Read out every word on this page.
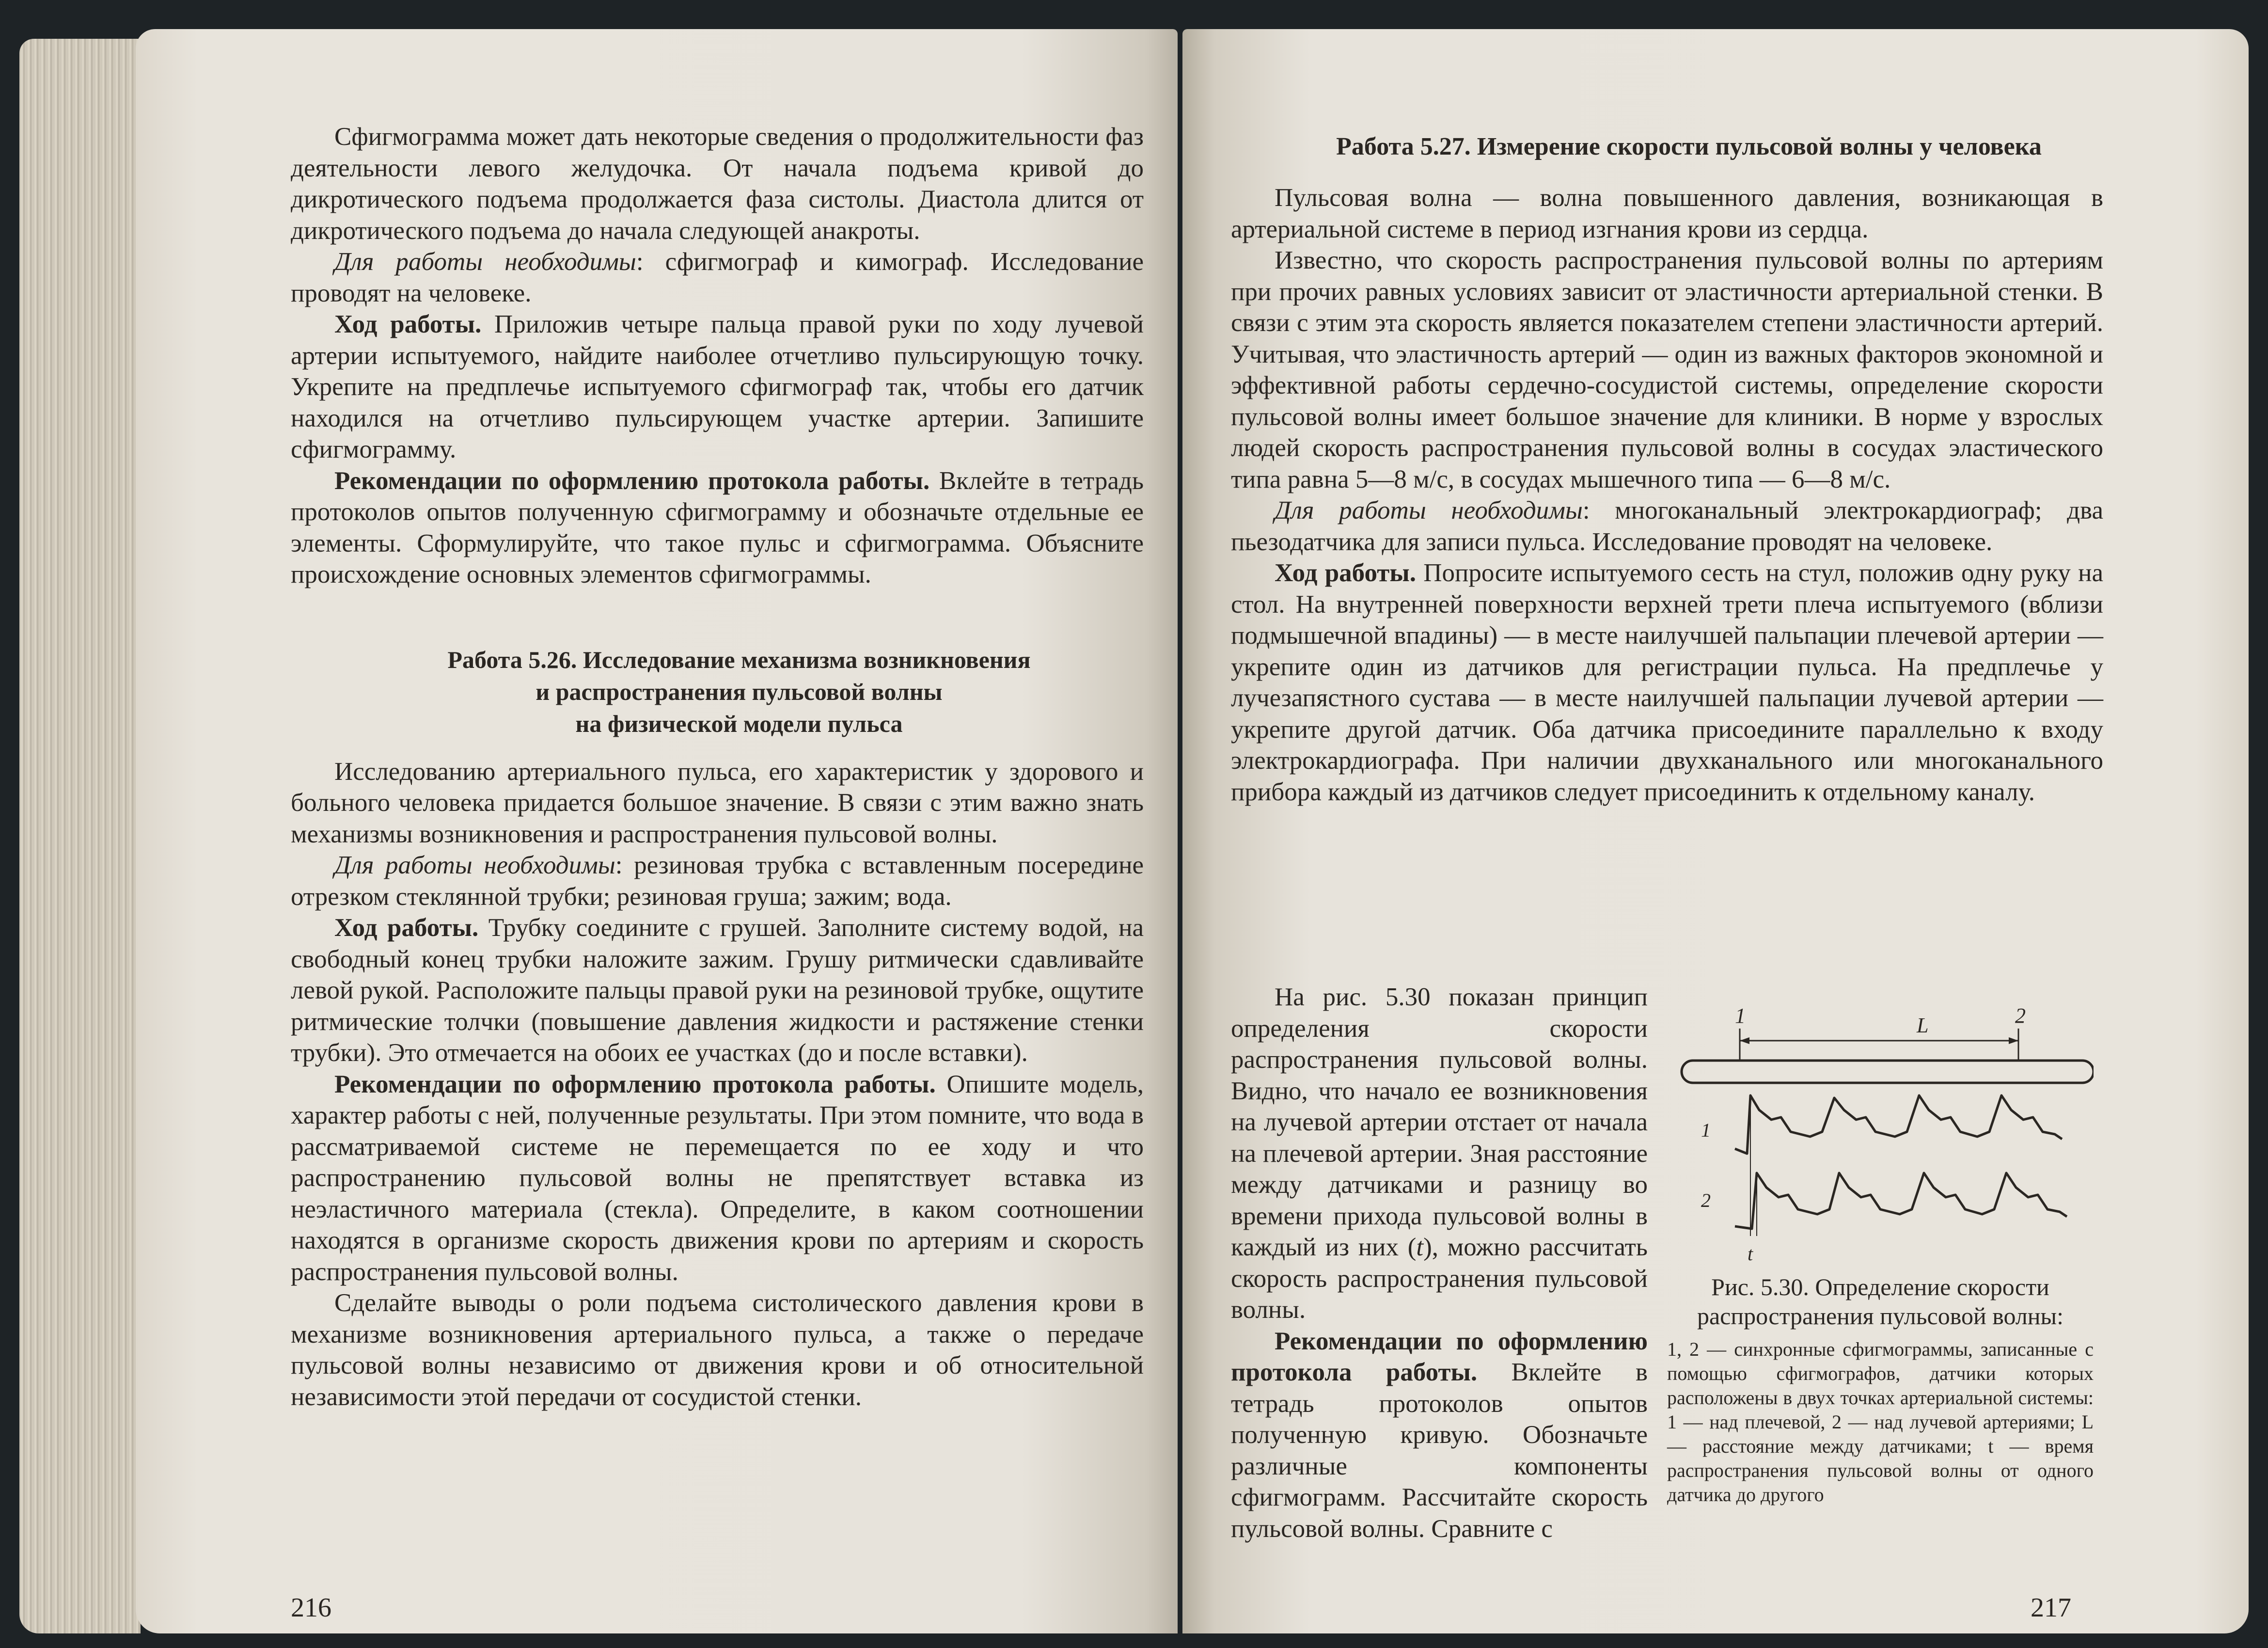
Сфигмограмма может дать некоторые сведения о продолжительности фаз деятельности левого желудочка. От начала подъема кривой до дикротического подъема продолжается фаза систолы. Диастола длится от дикротического подъема до начала следующей анакроты.

Для работы необходимы: сфигмограф и кимограф. Исследование проводят на человеке.

Ход работы. Приложив четыре пальца правой руки по ходу лучевой артерии испытуемого, найдите наиболее отчетливо пульсирующую точку. Укрепите на предплечье испытуемого сфигмограф так, чтобы его датчик находился на отчетливо пульсирующем участке артерии. Запишите сфигмограмму.

Рекомендации по оформлению протокола работы. Вклейте в тетрадь протоколов опытов полученную сфигмограмму и обозначьте отдельные ее элементы. Сформулируйте, что такое пульс и сфигмограмма. Объясните происхождение основных элементов сфигмограммы.

Работа 5.26. Исследование механизма возникновения

и распространения пульсовой волны

на физической модели пульса

Исследованию артериального пульса, его характеристик у здорового и больного человека придается большое значение. В связи с этим важно знать механизмы возникновения и распространения пульсовой волны.

Для работы необходимы: резиновая трубка с вставленным посередине отрезком стеклянной трубки; резиновая груша; зажим; вода.

Ход работы. Трубку соедините с грушей. Заполните систему водой, на свободный конец трубки наложите зажим. Грушу ритмически сдавливайте левой рукой. Расположите пальцы правой руки на резиновой трубке, ощутите ритмические толчки (повышение давления жидкости и растяжение стенки трубки). Это отмечается на обоих ее участках (до и после вставки).

Рекомендации по оформлению протокола работы. Опишите модель, характер работы с ней, полученные результаты. При этом помните, что вода в рассматриваемой системе не перемещается по ее ходу и что распространению пульсовой волны не препятствует вставка из неэластичного материала (стекла). Определите, в каком соотношении находятся в организме скорость движения крови по артериям и скорость распространения пульсовой волны.

Сделайте выводы о роли подъема систолического давления крови в механизме возникновения артериального пульса, а также о передаче пульсовой волны независимо от движения крови и об относительной независимости этой передачи от сосудистой стенки.

216

Работа 5.27. Измерение скорости пульсовой волны у человека

Пульсовая волна — волна повышенного давления, возникающая в артериальной системе в период изгнания крови из сердца.

Известно, что скорость распространения пульсовой волны по артериям при прочих равных условиях зависит от эластичности артериальной стенки. В связи с этим эта скорость является показателем степени эластичности артерий. Учитывая, что эластичность артерий — один из важных факторов экономной и эффективной работы сердечно-сосудистой системы, определение скорости пульсовой волны имеет большое значение для клиники. В норме у взрослых людей скорость распространения пульсовой волны в сосудах эластического типа равна 5—8 м/с, в сосудах мышечного типа — 6—8 м/с.

Для работы необходимы: многоканальный электрокардиограф; два пьезодатчика для записи пульса. Исследование проводят на человеке.

Ход работы. Попросите испытуемого сесть на стул, положив одну руку на стол. На внутренней поверхности верхней трети плеча испытуемого (вблизи подмышечной впадины) — в месте наилучшей пальпации плечевой артерии — укрепите один из датчиков для регистрации пульса. На предплечье у лучезапястного сустава — в месте наилучшей пальпации лучевой артерии — укрепите другой датчик. Оба датчика присоедините параллельно к входу электрокардиографа. При наличии двухканального или многоканального прибора каждый из датчиков следует присоединить к отдельному каналу.

На рис. 5.30 показан принцип определения скорости распространения пульсовой волны. Видно, что начало ее возникновения на лучевой артерии отстает от начала на плечевой артерии. Зная расстояние между датчиками и разницу во времени прихода пульсовой волны в каждый из них (t), можно рассчитать скорость распространения пульсовой волны.

Рекомендации по оформлению протокола работы. Вклейте в тетрадь протоколов опытов полученную кривую. Обозначьте различные компоненты сфигмограмм. Рассчитайте скорость пульсовой волны. Сравните с

1	L	2
1
2
t

Рис. 5.30. Определение скорости распространения пульсовой волны:

1, 2 — синхронные сфигмограммы, записанные с помощью сфигмографов, датчики которых расположены в двух точках артериальной системы: 1 — над плечевой, 2 — над лучевой артериями; L — расстояние между датчиками; t — время распространения пульсовой волны от одного датчика до другого

217
